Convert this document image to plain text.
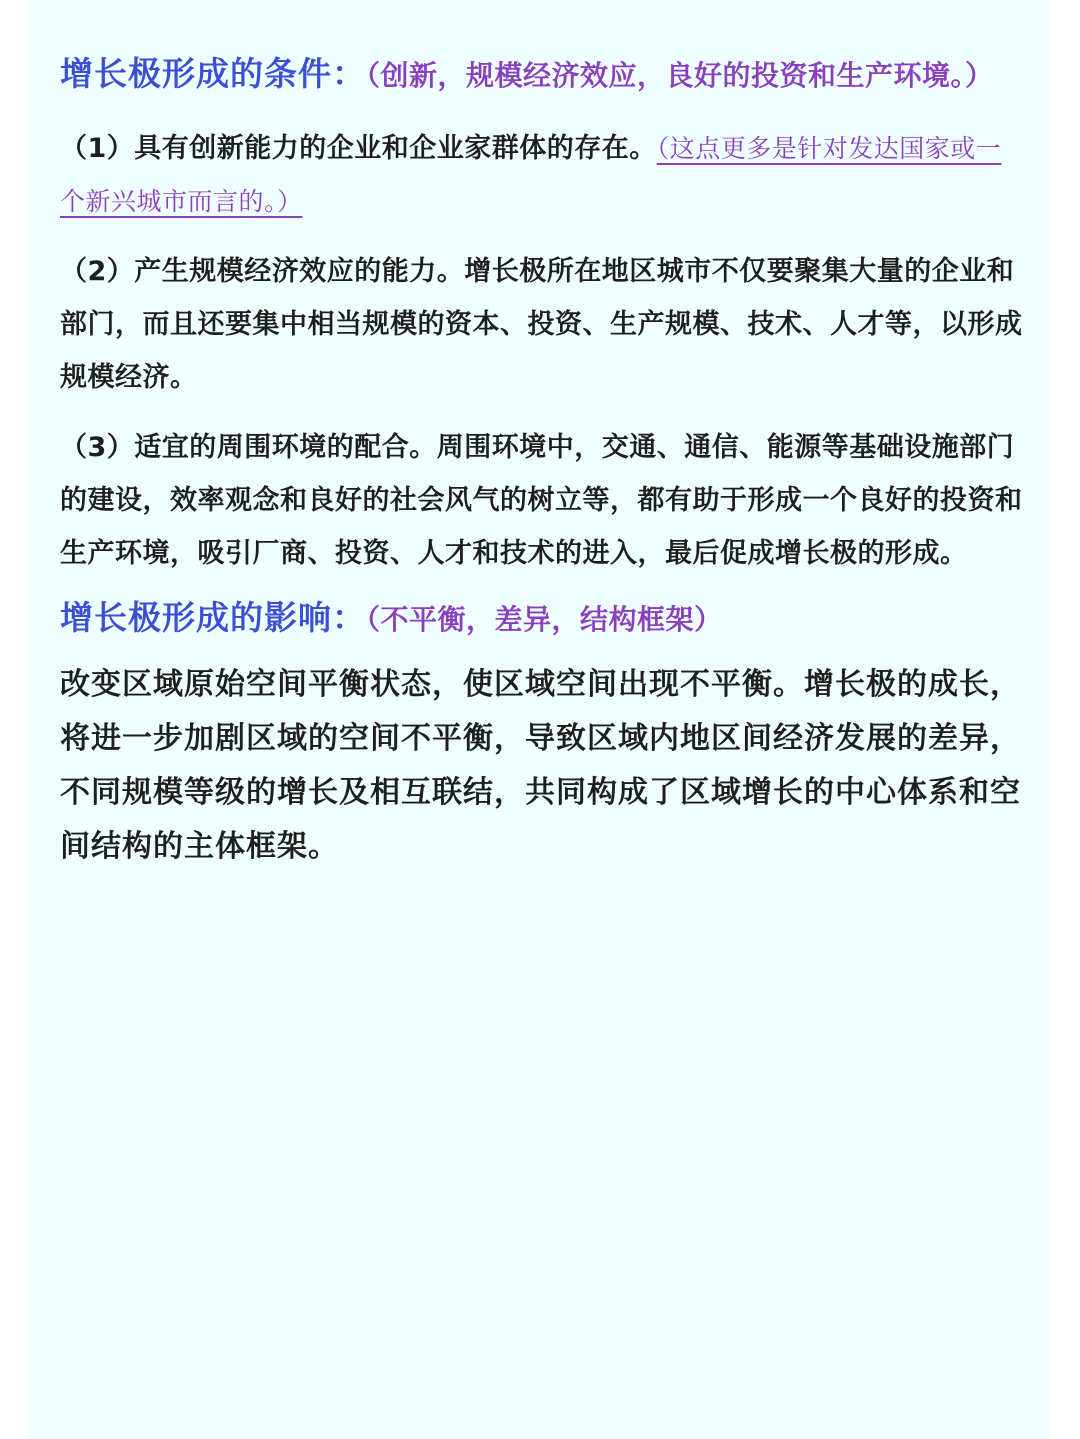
增长极形成的条件：（创新，规模经济效应，良好的投资和生产环境。）

（1）具有创新能力的企业和企业家群体的存在。（这点更多是针对发达国家或一个新兴城市而言的。）

（2）产生规模经济效应的能力。增长极所在地区城市不仅要聚集大量的企业和部门，而且还要集中相当规模的资本、投资、生产规模、技术、人才等，以形成规模经济。

（3）适宜的周围环境的配合。周围环境中，交通、通信、能源等基础设施部门的建设，效率观念和良好的社会风气的树立等，都有助于形成一个良好的投资和生产环境，吸引厂商、投资、人才和技术的进入，最后促成增长极的形成。

增长极形成的影响：（不平衡，差异，结构框架）

改变区域原始空间平衡状态，使区域空间出现不平衡。增长极的成长，将进一步加剧区域的空间不平衡，导致区域内地区间经济发展的差异，不同规模等级的增长及相互联结，共同构成了区域增长的中心体系和空间结构的主体框架。
